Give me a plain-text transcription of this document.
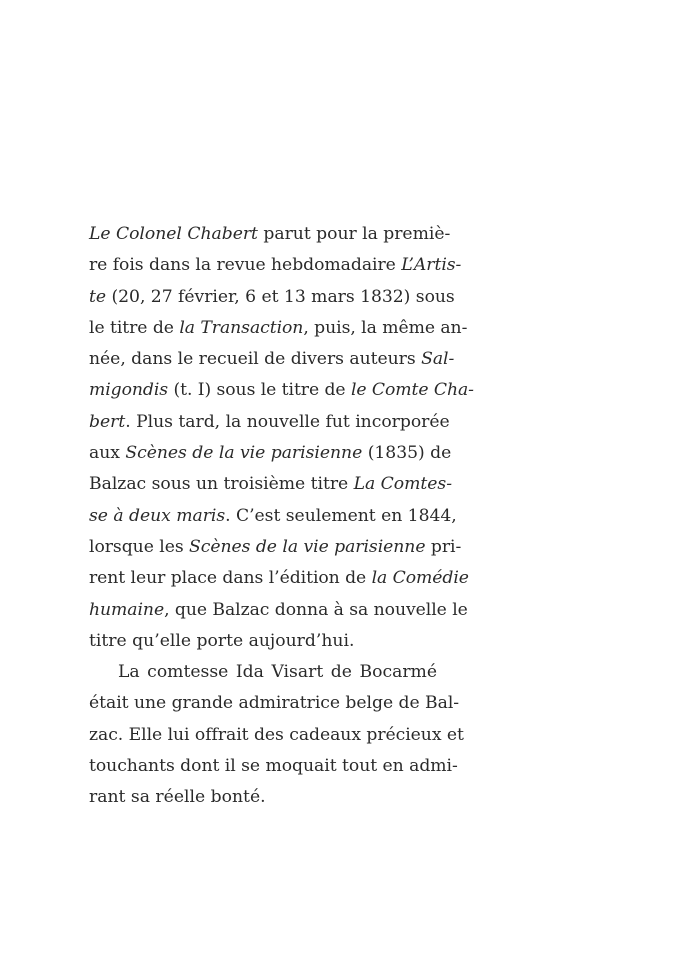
Le Colonel Chabert parut pour la premiè-
re fois dans la revue hebdomadaire L’Artis-
te (20, 27 février, 6 et 13 mars 1832) sous
le titre de la Transaction, puis, la même an-
née, dans le recueil de divers auteurs Sal-
migondis (t. I) sous le titre de le Comte Cha-
bert. Plus tard, la nouvelle fut incorporée
aux Scènes de la vie parisienne (1835) de
Balzac sous un troisième titre La Comtes-
se à deux maris. C’est seulement en 1844,
lorsque les Scènes de la vie parisienne pri-
rent leur place dans l’édition de la Comédie
humaine, que Balzac donna à sa nouvelle le
titre qu’elle porte aujourd’hui.
La comtesse Ida Visart de Bocarmé
était une grande admiratrice belge de Bal-
zac. Elle lui offrait des cadeaux précieux et
touchants dont il se moquait tout en admi-
rant sa réelle bonté.
